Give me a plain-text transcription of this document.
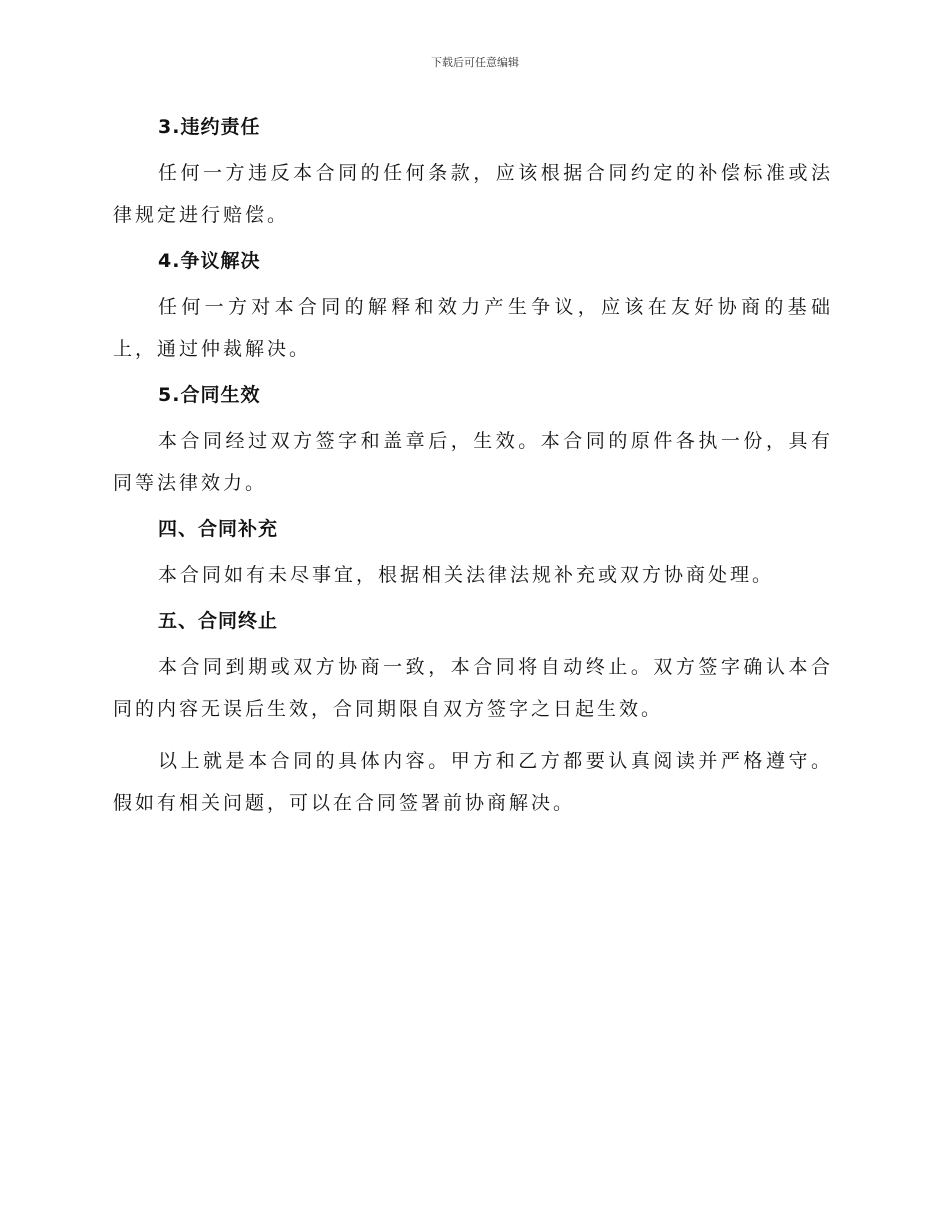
下载后可任意编辑

3.违约责任

任何一方违反本合同的任何条款，应该根据合同约定的补偿标准或法律规定进行赔偿。

4.争议解决

任何一方对本合同的解释和效力产生争议，应该在友好协商的基础上，通过仲裁解决。

5.合同生效

本合同经过双方签字和盖章后，生效。本合同的原件各执一份，具有同等法律效力。

四、合同补充

本合同如有未尽事宜，根据相关法律法规补充或双方协商处理。

五、合同终止

本合同到期或双方协商一致，本合同将自动终止。双方签字确认本合同的内容无误后生效，合同期限自双方签字之日起生效。

以上就是本合同的具体内容。甲方和乙方都要认真阅读并严格遵守。假如有相关问题，可以在合同签署前协商解决。
